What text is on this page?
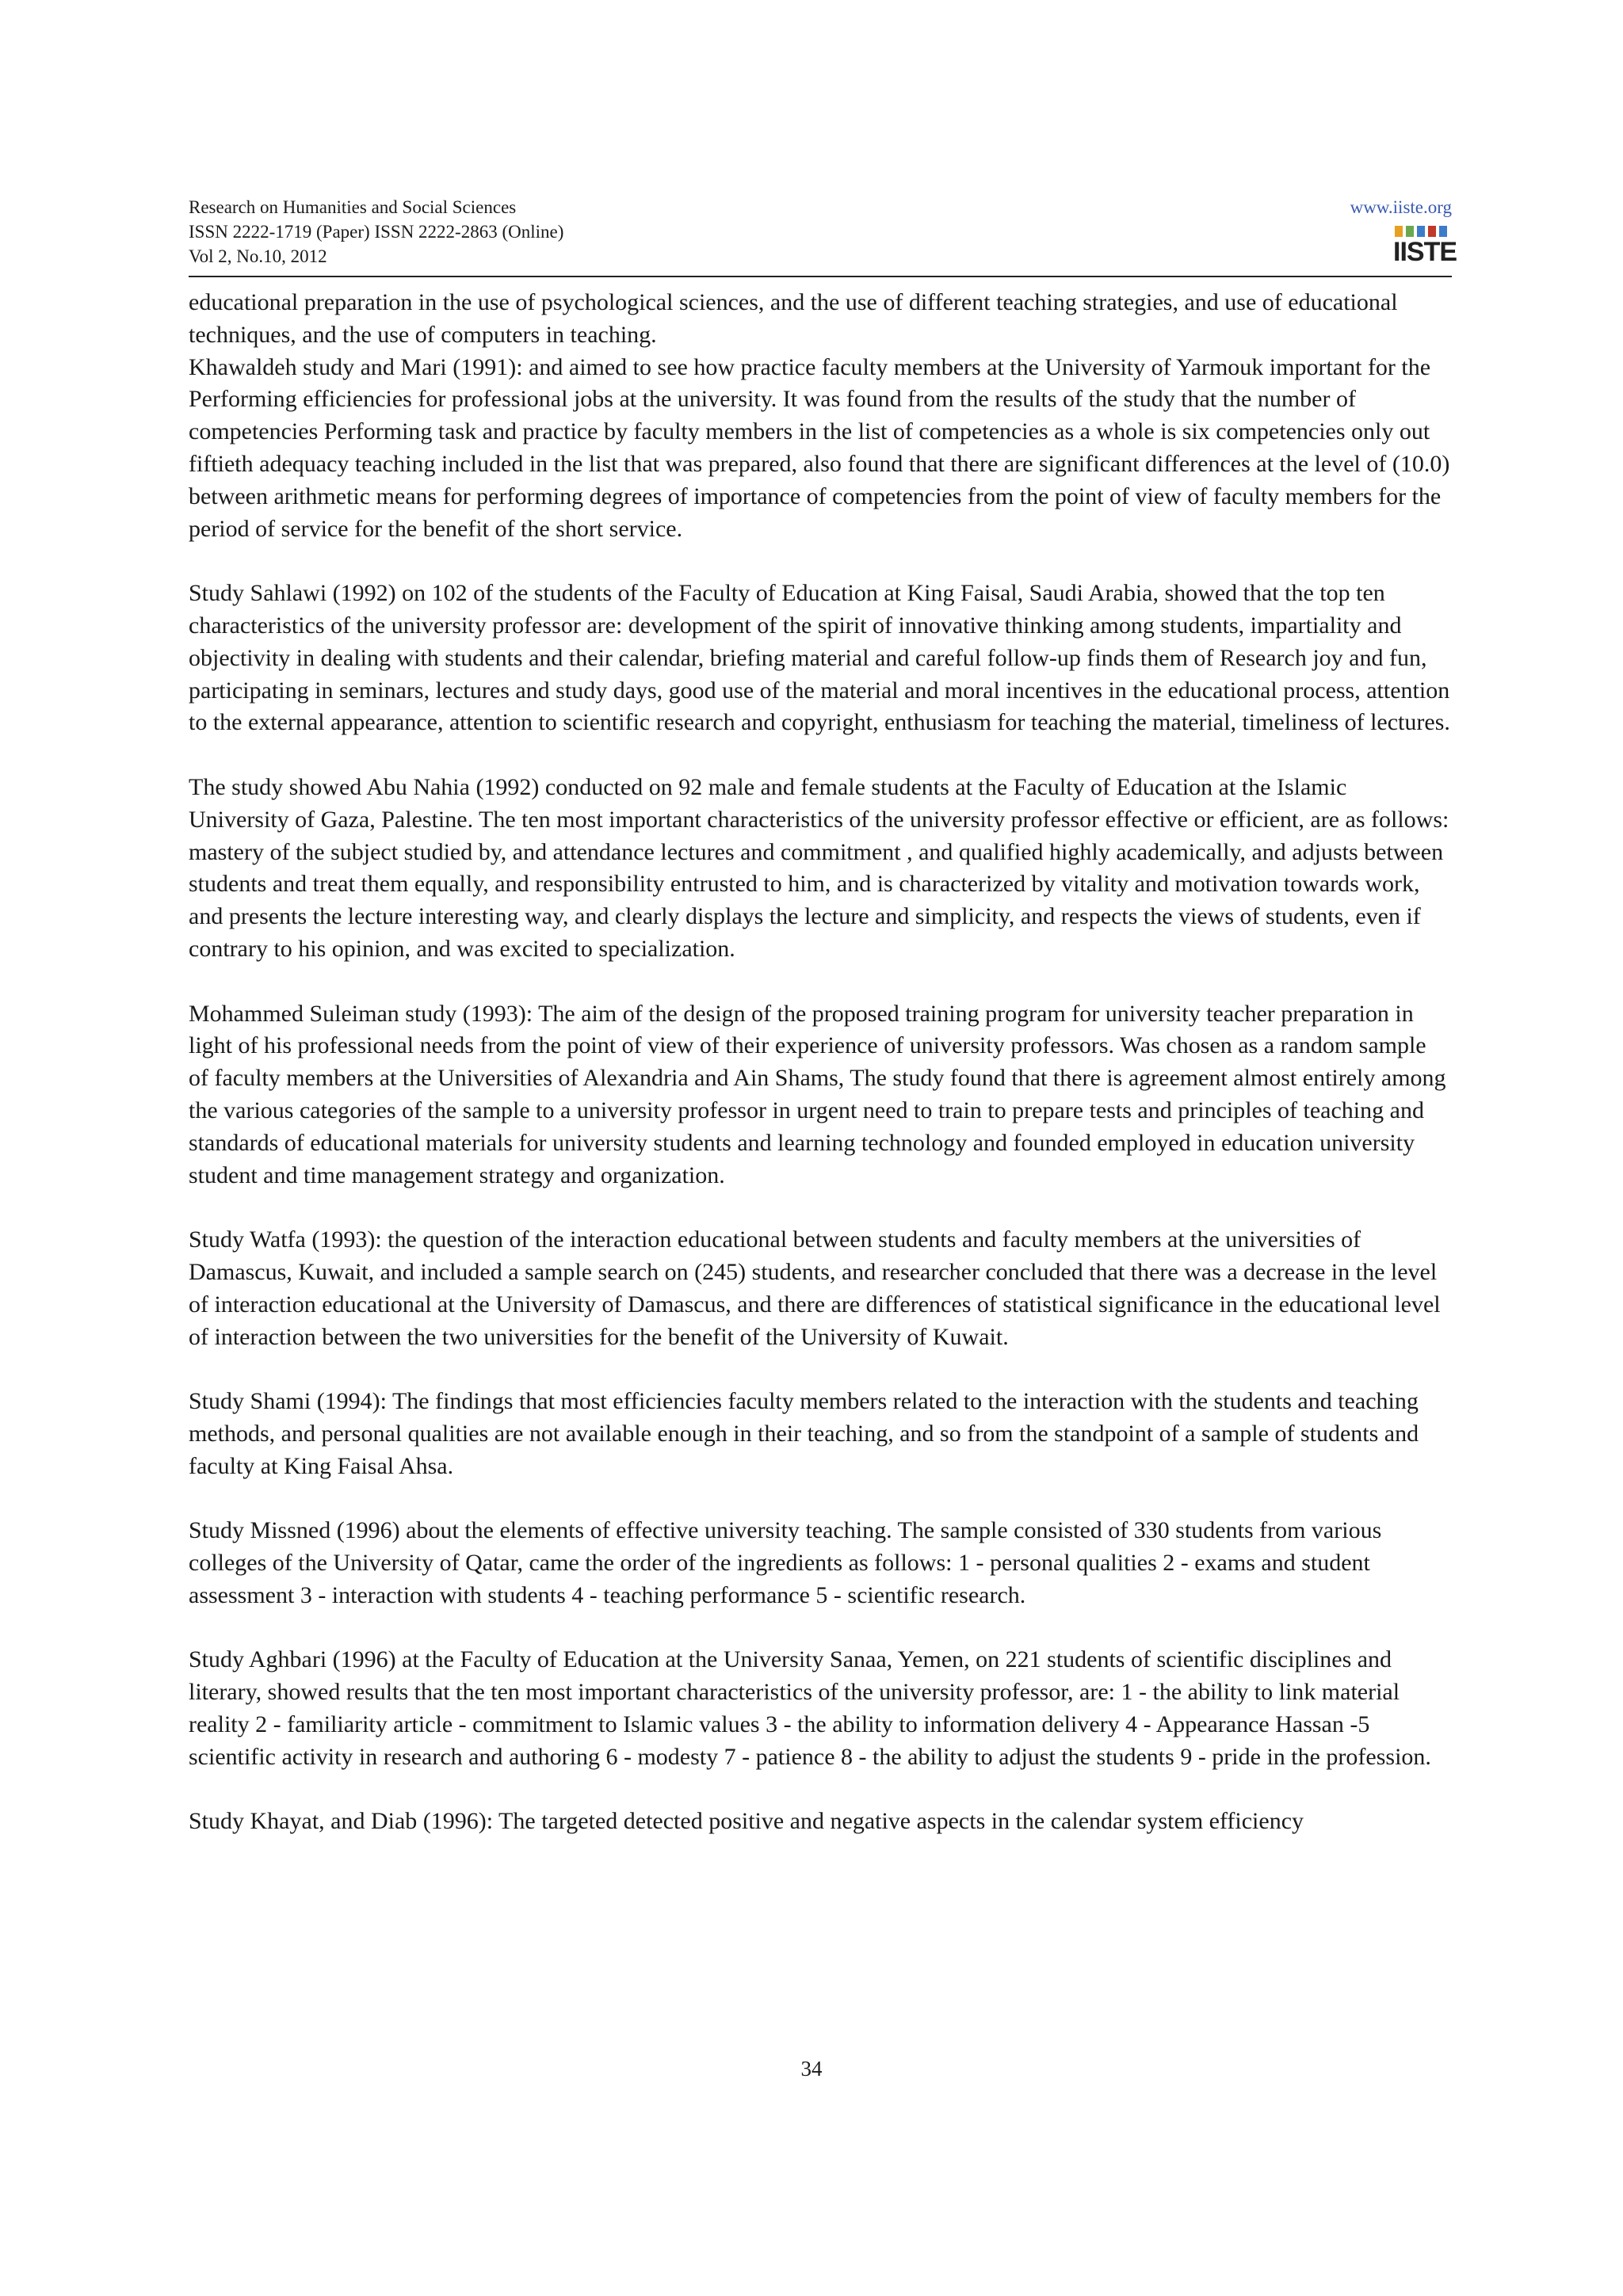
Research on Humanities and Social Sciences
ISSN 2222-1719 (Paper) ISSN 2222-2863 (Online)
Vol 2, No.10, 2012
www.iiste.org
IISTE

educational preparation in the use of psychological sciences, and the use of different teaching strategies, and use of educational techniques, and the use of computers in teaching.

Khawaldeh study and Mari (1991): and aimed to see how practice faculty members at the University of Yarmouk important for the Performing efficiencies for professional jobs at the university. It was found from the results of the study that the number of competencies Performing task and practice by faculty members in the list of competencies as a whole is six competencies only out fiftieth adequacy teaching included in the list that was prepared, also found that there are significant differences at the level of (10.0) between arithmetic means for performing degrees of importance of competencies from the point of view of faculty members for the period of service for the benefit of the short service.

Study Sahlawi (1992) on 102 of the students of the Faculty of Education at King Faisal, Saudi Arabia, showed that the top ten characteristics of the university professor are: development of the spirit of innovative thinking among students, impartiality and objectivity in dealing with students and their calendar, briefing material and careful follow-up finds them of Research joy and fun, participating in seminars, lectures and study days, good use of the material and moral incentives in the educational process, attention to the external appearance, attention to scientific research and copyright, enthusiasm for teaching the material, timeliness of lectures.

The study showed Abu Nahia (1992) conducted on 92 male and female students at the Faculty of Education at the Islamic University of Gaza, Palestine. The ten most important characteristics of the university professor effective or efficient, are as follows: mastery of the subject studied by, and attendance lectures and commitment , and qualified highly academically, and adjusts between students and treat them equally, and responsibility entrusted to him, and is characterized by vitality and motivation towards work, and presents the lecture interesting way, and clearly displays the lecture and simplicity, and respects the views of students, even if contrary to his opinion, and was excited to specialization.

Mohammed Suleiman study (1993): The aim of the design of the proposed training program for university teacher preparation in light of his professional needs from the point of view of their experience of university professors. Was chosen as a random sample of faculty members at the Universities of Alexandria and Ain Shams, The study found that there is agreement almost entirely among the various categories of the sample to a university professor in urgent need to train to prepare tests and principles of teaching and standards of educational materials for university students and learning technology and founded employed in education university student and time management strategy and organization.

Study Watfa (1993): the question of the interaction educational between students and faculty members at the universities of Damascus, Kuwait, and included a sample search on (245) students, and researcher concluded that there was a decrease in the level of interaction educational at the University of Damascus, and there are differences of statistical significance in the educational level of interaction between the two universities for the benefit of the University of Kuwait.

Study Shami (1994): The findings that most efficiencies faculty members related to the interaction with the students and teaching methods, and personal qualities are not available enough in their teaching, and so from the standpoint of a sample of students and faculty at King Faisal Ahsa.

Study Missned (1996) about the elements of effective university teaching. The sample consisted of 330 students from various colleges of the University of Qatar, came the order of the ingredients as follows: 1 - personal qualities 2 - exams and student assessment 3 - interaction with students 4 - teaching performance 5 - scientific research.

Study Aghbari (1996) at the Faculty of Education at the University Sanaa, Yemen, on 221 students of scientific disciplines and literary, showed results that the ten most important characteristics of the university professor, are: 1 - the ability to link material reality 2 - familiarity article - commitment to Islamic values 3 - the ability to information delivery 4 - Appearance Hassan -5 scientific activity in research and authoring 6 - modesty 7 - patience 8 - the ability to adjust the students 9 - pride in the profession.

Study Khayat, and Diab (1996): The targeted detected positive and negative aspects in the calendar system efficiency

34
